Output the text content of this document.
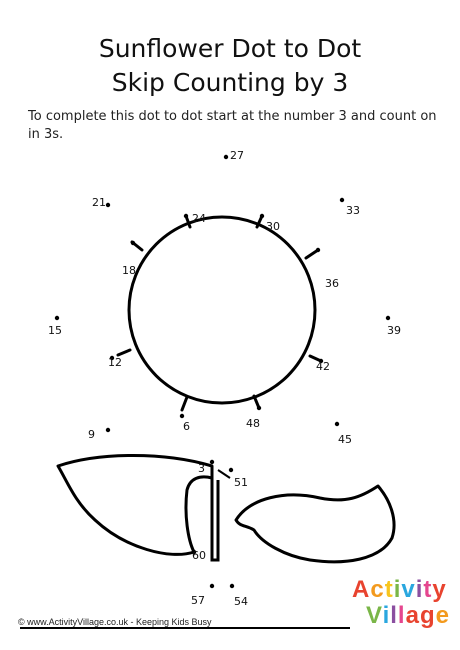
Sunflower Dot to Dot
Skip Counting by 3
To complete this dot to dot start at the number 3 and count on in 3s.
3
6
9
12
15
18
21
24
27
30
33
36
39
42
45
48
51
54
57
60
© www.ActivityVillage.co.uk - Keeping Kids Busy
Activity
Village
